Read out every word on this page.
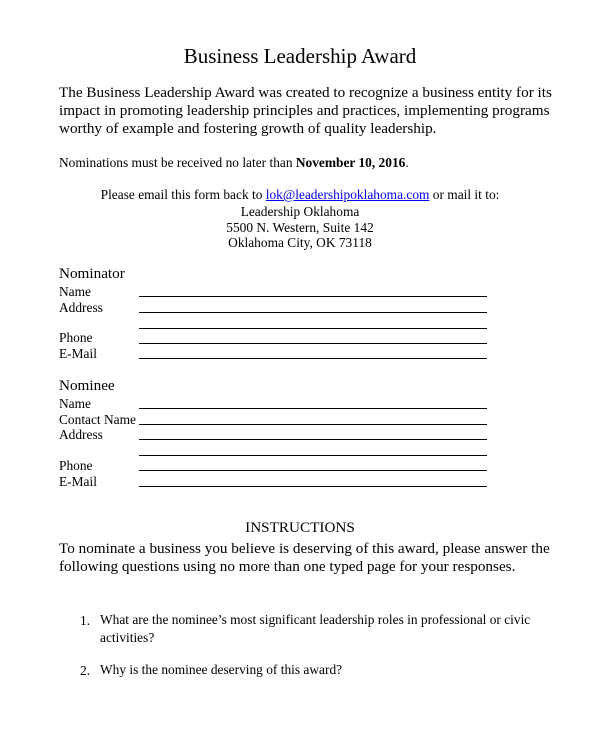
Business Leadership Award
The Business Leadership Award was created to recognize a business entity for its impact in promoting leadership principles and practices, implementing programs worthy of example and fostering growth of quality leadership.
Nominations must be received no later than November 10, 2016.
Please email this form back to lok@leadershipoklahoma.com or mail it to:
Leadership Oklahoma
5500 N. Western, Suite 142
Oklahoma City, OK 73118
Nominator
Name
Address
Phone
E-Mail
Nominee
Name
Contact Name
Address
Phone
E-Mail
INSTRUCTIONS
To nominate a business you believe is deserving of this award, please answer the following questions using no more than one typed page for your responses.
1. What are the nominee’s most significant leadership roles in professional or civic activities?
2. Why is the nominee deserving of this award?
